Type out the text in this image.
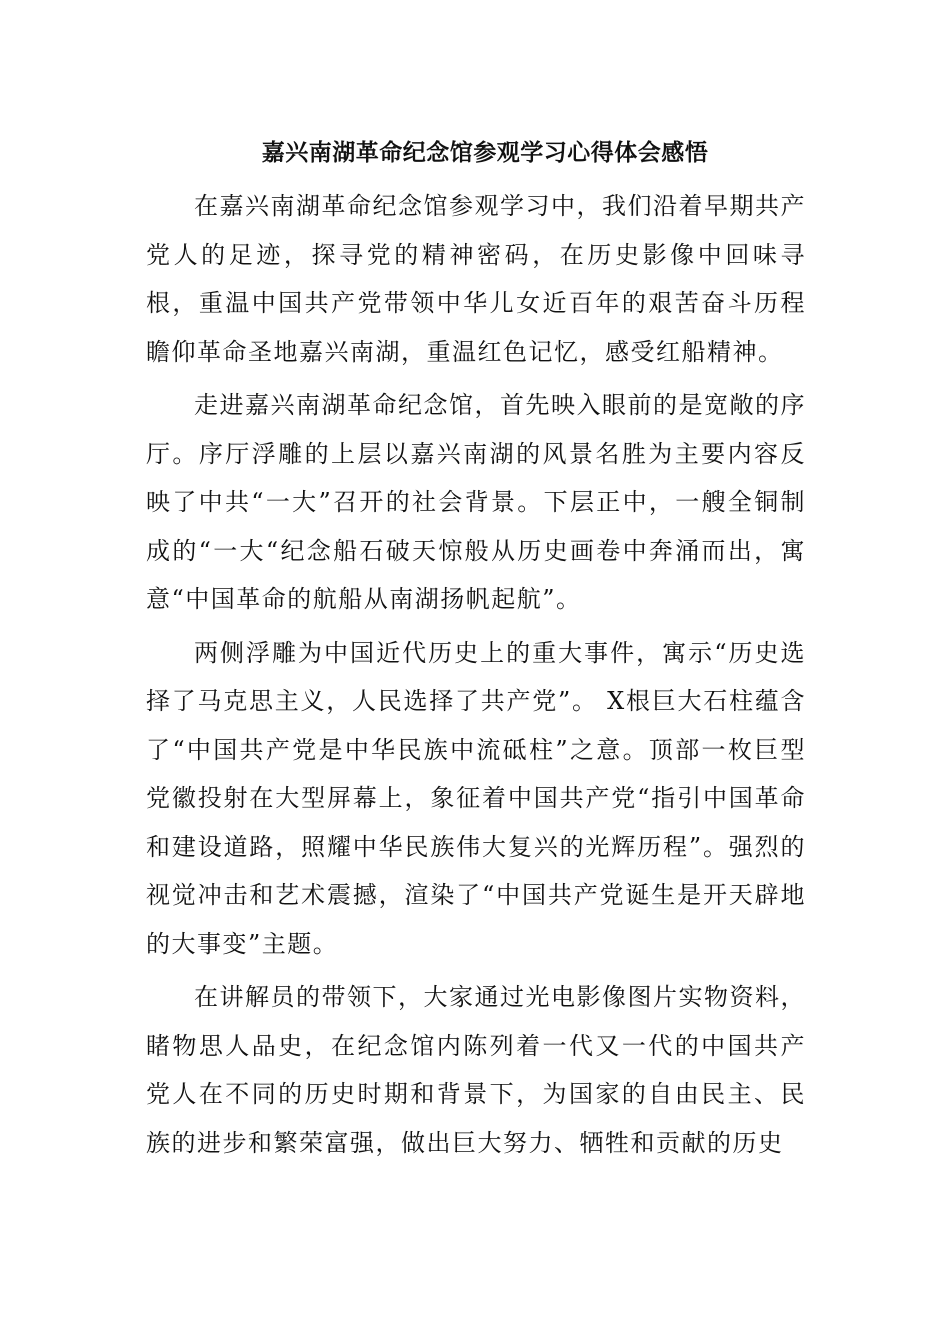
嘉兴南湖革命纪念馆参观学习心得体会感悟

在嘉兴南湖革命纪念馆参观学习中，我们沿着早期共产党人的足迹，探寻党的精神密码，在历史影像中回味寻根，重温中国共产党带领中华儿女近百年的艰苦奋斗历程瞻仰革命圣地嘉兴南湖，重温红色记忆，感受红船精神。

走进嘉兴南湖革命纪念馆，首先映入眼前的是宽敞的序厅。序厅浮雕的上层以嘉兴南湖的风景名胜为主要内容反映了中共“一大”召开的社会背景。下层正中，一艘全铜制成的“一大“纪念船石破天惊般从历史画卷中奔涌而出，寓意“中国革命的航船从南湖扬帆起航”。

两侧浮雕为中国近代历史上的重大事件，寓示“历史选择了马克思主义，人民选择了共产党”。 X根巨大石柱蕴含了“中国共产党是中华民族中流砥柱”之意。顶部一枚巨型党徽投射在大型屏幕上，象征着中国共产党“指引中国革命和建设道路，照耀中华民族伟大复兴的光辉历程”。强烈的视觉冲击和艺术震撼，渲染了“中国共产党诞生是开天辟地的大事变”主题。

在讲解员的带领下，大家通过光电影像图片实物资料，睹物思人品史，在纪念馆内陈列着一代又一代的中国共产党人在不同的历史时期和背景下，为国家的自由民主、民族的进步和繁荣富强，做出巨大努力、牺牲和贡献的历史
